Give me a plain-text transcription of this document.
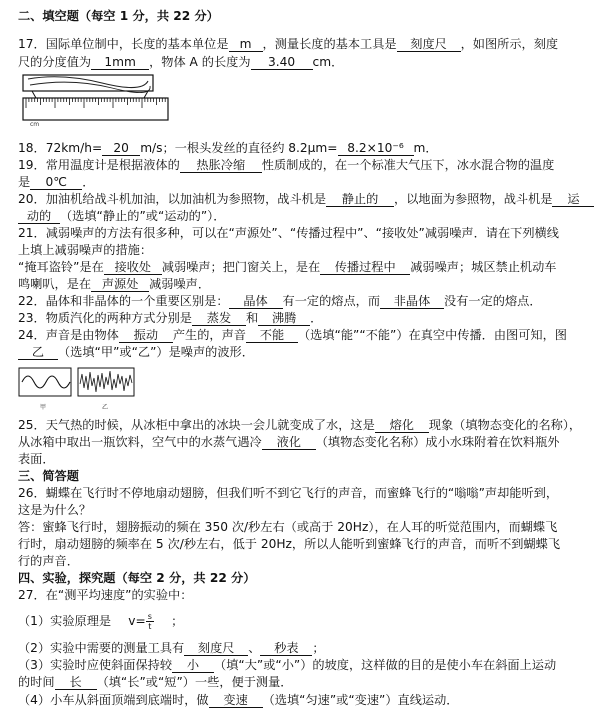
二、填空题（每空 1 分，共 22 分）
17．国际单位制中，长度的基本单位是 m ，测量长度的基本工具是 刻度尺 ，如图所示，刻度
尺的分度值为 1mm ，物体 A 的长度为 3.40 cm．
cm
18．72km/h= 20 m/s；一根头发丝的直径约 8.2μm= 8.2×10⁻⁶ m．
19．常用温度计是根据液体的 热胀冷缩 性质制成的，在一个标准大气压下，冰水混合物的温度
是 0℃ ．
20．加油机给战斗机加油，以加油机为参照物，战斗机是 静止的 ，以地面为参照物，战斗机是 运
动的 （选填“静止的”或“运动的”）．
21．减弱噪声的方法有很多种，可以在“声源处”、“传播过程中”、“接收处”减弱噪声．请在下列横线
上填上减弱噪声的措施：
“掩耳盗铃”是在 接收处 减弱噪声；把门窗关上，是在 传播过程中 减弱噪声；城区禁止机动车
鸣喇叭，是在 声源处 减弱噪声．
22．晶体和非晶体的一个重要区别是： 晶体 有一定的熔点，而 非晶体 没有一定的熔点．
23．物质汽化的两种方式分别是 蒸发 和 沸腾 ．
24．声音是由物体 振动 产生的，声音 不能 （选填“能”“不能”）在真空中传播．由图可知，图
乙 （选填“甲”或“乙”）是噪声的波形．
甲	乙
25．天气热的时候，从冰柜中拿出的冰块一会儿就变成了水，这是 熔化 现象（填物态变化的名称），
从冰箱中取出一瓶饮料，空气中的水蒸气遇冷 液化 （填物态变化名称）成小水珠附着在饮料瓶外
表面．
三、简答题
26．蝴蝶在飞行时不停地扇动翅膀，但我们听不到它飞行的声音，而蜜蜂飞行的“嗡嗡”声却能听到，
这是为什么？
答：蜜蜂飞行时，翅膀振动的频在 350 次/秒左右（或高于 20Hz），在人耳的听觉范围内，而蝴蝶飞
行时，扇动翅膀的频率在 5 次/秒左右，低于 20Hz，所以人能听到蜜蜂飞行的声音，而听不到蝴蝶飞
行的声音．
四、实验，探究题（每空 2 分，共 22 分）
27．在“测平均速度”的实验中：
（1）实验原理是 $v= \frac{s}{t}$ ；
（2）实验中需要的测量工具有 刻度尺 、 秒表 ；
（3）实验时应使斜面保持较 小 （填“大”或“小”）的坡度，这样做的目的是使小车在斜面上运动
的时间 长 （填“长”或“短”）一些，便于测量．
（4）小车从斜面顶端到底端时，做 变速 （选填“匀速”或“变速”）直线运动．
